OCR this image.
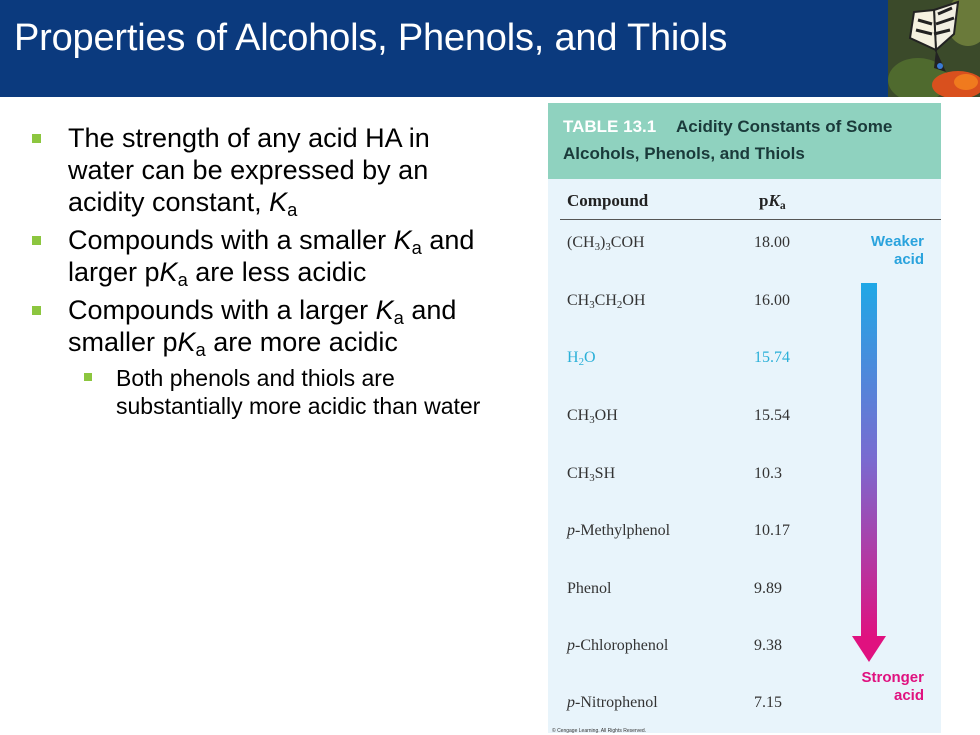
Properties of Alcohols, Phenols, and Thiols
The strength of any acid HA in water can be expressed by an acidity constant, $K_a$
Compounds with a smaller $K_a$ and larger $pK_a$ are less acidic
Compounds with a larger $K_a$ and smaller $pK_a$ are more acidic
Both phenols and thiols are substantially more acidic than water
TABLE 13.1 Acidity Constants of Some
Alcohols, Phenols, and Thiols
Compound	$pK_a$
$(CH_3)_3COH$	18.00
$CH_3CH_2OH$	16.00
$H_2O$	15.74
$CH_3OH$	15.54
$CH_3SH$	10.3
p-Methylphenol	10.17
Phenol	9.89
p-Chlorophenol	9.38
p-Nitrophenol	7.15
Weaker acid
Stronger acid
© Cengage Learning. All Rights Reserved.
